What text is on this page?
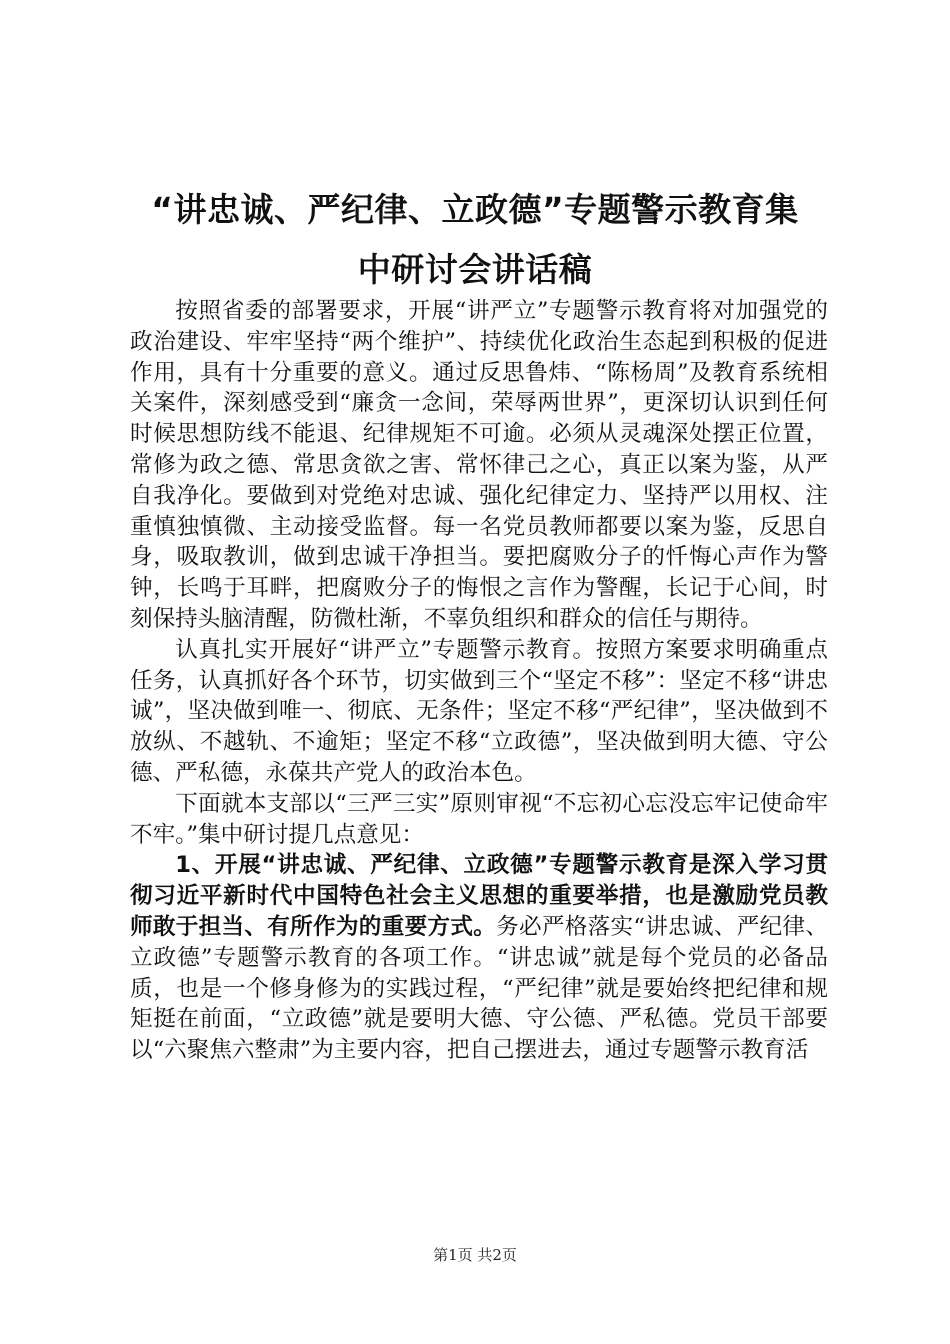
“讲忠诚、严纪律、立政德”专题警示教育集
中研讨会讲话稿

按照省委的部署要求，开展“讲严立”专题警示教育将对加强党的政治建设、牢牢坚持“两个维护”、持续优化政治生态起到积极的促进作用，具有十分重要的意义。通过反思鲁炜、“陈杨周”及教育系统相关案件，深刻感受到“廉贪一念间，荣辱两世界”，更深切认识到任何时候思想防线不能退、纪律规矩不可逾。必须从灵魂深处摆正位置，常修为政之德、常思贪欲之害、常怀律己之心，真正以案为鉴，从严自我净化。要做到对党绝对忠诚、强化纪律定力、坚持严以用权、注重慎独慎微、主动接受监督。每一名党员教师都要以案为鉴，反思自身，吸取教训，做到忠诚干净担当。要把腐败分子的忏悔心声作为警钟，长鸣于耳畔，把腐败分子的悔恨之言作为警醒，长记于心间，时刻保持头脑清醒，防微杜渐，不辜负组织和群众的信任与期待。

认真扎实开展好“讲严立”专题警示教育。按照方案要求明确重点任务，认真抓好各个环节，切实做到三个“坚定不移”：坚定不移“讲忠诚”，坚决做到唯一、彻底、无条件；坚定不移“严纪律”，坚决做到不放纵、不越轨、不逾矩；坚定不移“立政德”，坚决做到明大德、守公德、严私德，永葆共产党人的政治本色。

下面就本支部以“三严三实”原则审视“不忘初心忘没忘牢记使命牢不牢。”集中研讨提几点意见：

1、开展“讲忠诚、严纪律、立政德”专题警示教育是深入学习贯彻习近平新时代中国特色社会主义思想的重要举措，也是激励党员教师敢于担当、有所作为的重要方式。务必严格落实“讲忠诚、严纪律、立政德”专题警示教育的各项工作。“讲忠诚”就是每个党员的必备品质，也是一个修身修为的实践过程，“严纪律”就是要始终把纪律和规矩挺在前面，“立政德”就是要明大德、守公德、严私德。党员干部要以“六聚焦六整肃”为主要内容，把自己摆进去，通过专题警示教育活

第1页 共2页
